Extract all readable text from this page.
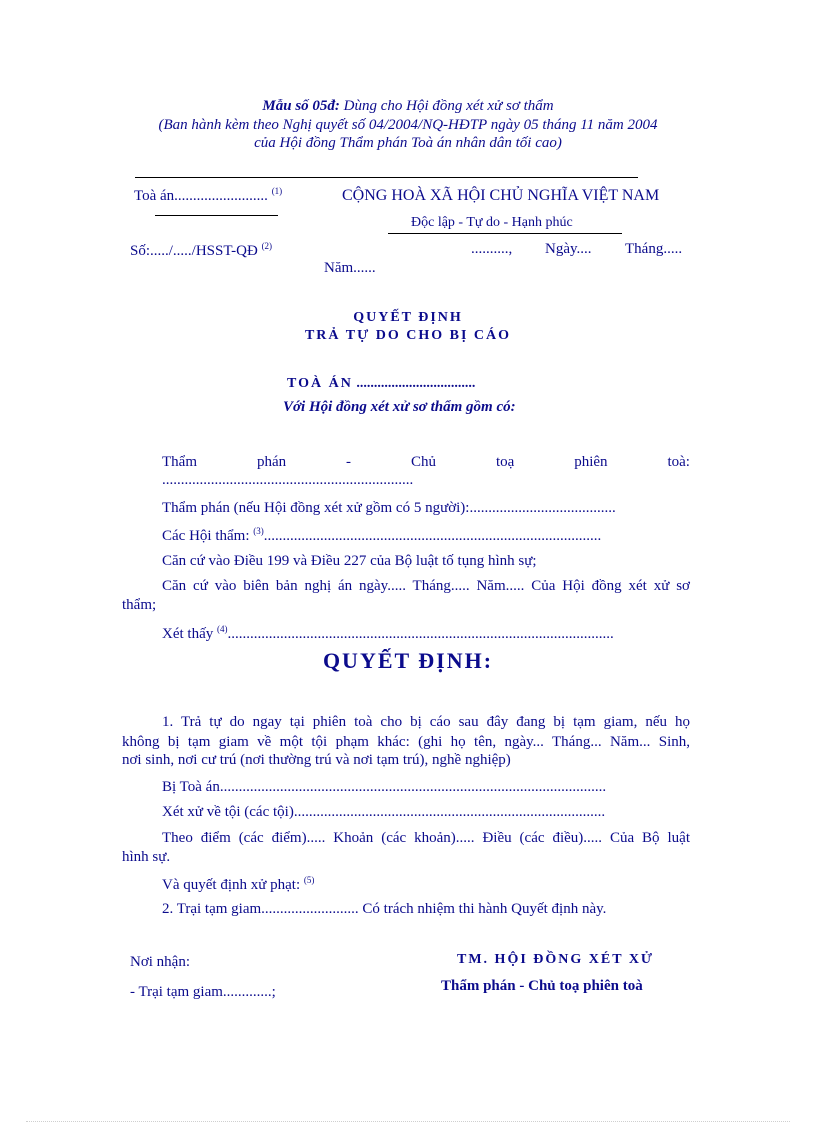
Mẫu số 05đ: Dùng cho Hội đồng xét xử sơ thẩm
(Ban hành kèm theo Nghị quyết số 04/2004/NQ-HĐTP ngày 05 tháng 11 năm 2004
của Hội đồng Thẩm phán Toà án nhân dân tối cao)
Toà án......................... $^{(1)}$
Số:...../...../HSST-QĐ $^{(2)}$
CỘNG HOÀ XÃ HỘI CHỦ NGHĨA VIỆT NAM
Độc lập - Tự do - Hạnh phúc
.........., Ngày.... Tháng.....
Năm......
QUYẾT ĐỊNH
TRẢ TỰ DO CHO BỊ CÁO
TOÀ ÁN ..................................
Với Hội đồng xét xử sơ thẩm gồm có:
Thẩm	phán	-	Chủ	toạ	phiên	toà:
...................................................................
Thẩm phán (nếu Hội đồng xét xử gồm có 5 người):.......................................
Các Hội thẩm: $^{(3)}$..........................................................................................
Căn cứ vào Điều 199 và Điều 227 của Bộ luật tố tụng hình sự;
Căn cứ vào biên bản nghị án ngày..... Tháng..... Năm..... Của Hội đồng xét xử sơ
thẩm;
Xét thấy $^{(4)}$.......................................................................................................
QUYẾT ĐỊNH:
1. Trả tự do ngay tại phiên toà cho bị cáo sau đây đang bị tạm giam, nếu họ
không bị tạm giam về một tội phạm khác: (ghi họ tên, ngày... Tháng... Năm... Sinh,
nơi sinh, nơi cư trú (nơi thường trú và nơi tạm trú), nghề nghiệp)
Bị Toà án.......................................................................................................
Xét xử về tội (các tội)...................................................................................
Theo điểm (các điểm)..... Khoản (các khoản)..... Điều (các điều)..... Của Bộ luật
hình sự.
Và quyết định xử phạt: $^{(5)}$
2. Trại tạm giam.......................... Có trách nhiệm thi hành Quyết định này.
Nơi nhận:
- Trại tạm giam.............;
TM. HỘI ĐỒNG XÉT XỬ
Thẩm phán - Chủ toạ phiên toà
